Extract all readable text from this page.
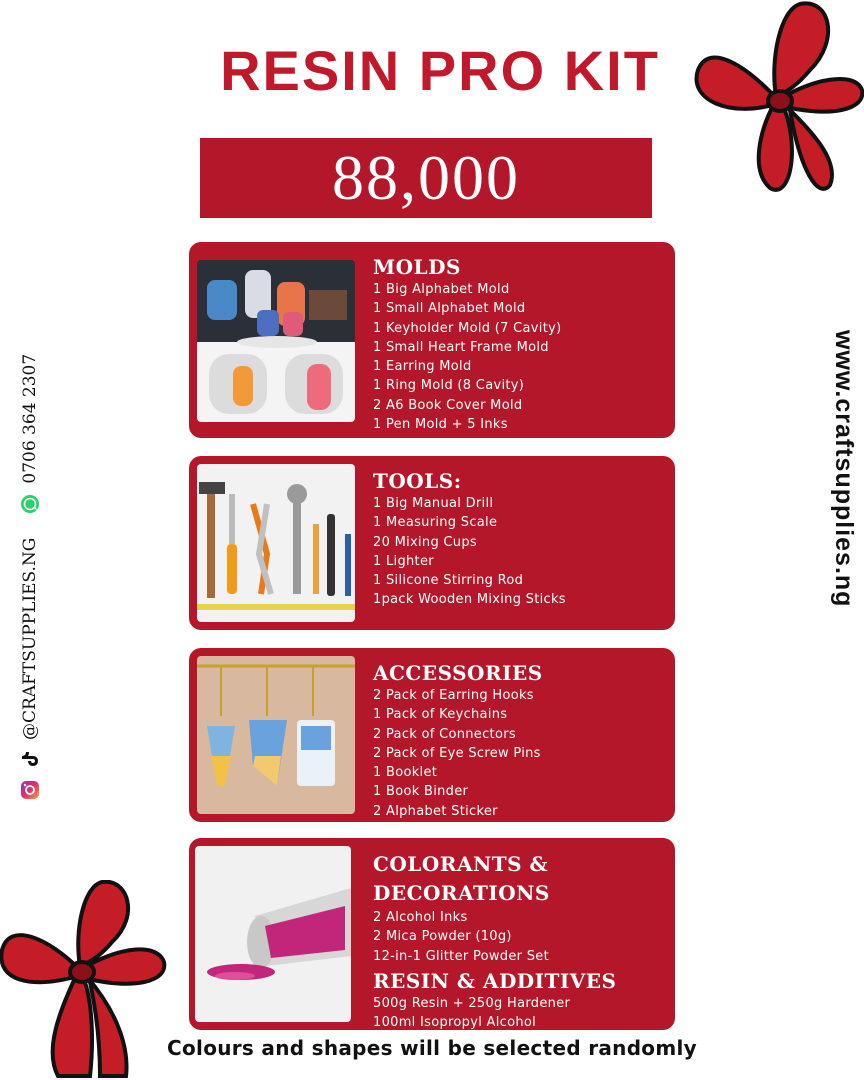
RESIN PRO KIT
88,000
@CRAFTSUPPLIES.NG
0706 364 2307	www.craftsupplies.ng

MOLDS

1 Big Alphabet Mold
1 Small Alphabet Mold
1 Keyholder Mold (7 Cavity)
1 Small Heart Frame Mold
1 Earring Mold
1 Ring Mold (8 Cavity)
2 A6 Book Cover Mold
1 Pen Mold + 5 Inks

TOOLS:

1 Big Manual Drill
1 Measuring Scale
20 Mixing Cups
1 Lighter
1 Silicone Stirring Rod
1pack Wooden Mixing Sticks

ACCESSORIES

2 Pack of Earring Hooks
1 Pack of Keychains
2 Pack of Connectors
2 Pack of Eye Screw Pins
1 Booklet
1 Book Binder
2 Alphabet Sticker

COLORANTS &

DECORATIONS

2 Alcohol Inks
2 Mica Powder (10g)
12-in-1 Glitter Powder Set

RESIN & ADDITIVES

500g Resin + 250g Hardener
100ml Isopropyl Alcohol
Colours and shapes will be selected randomly
